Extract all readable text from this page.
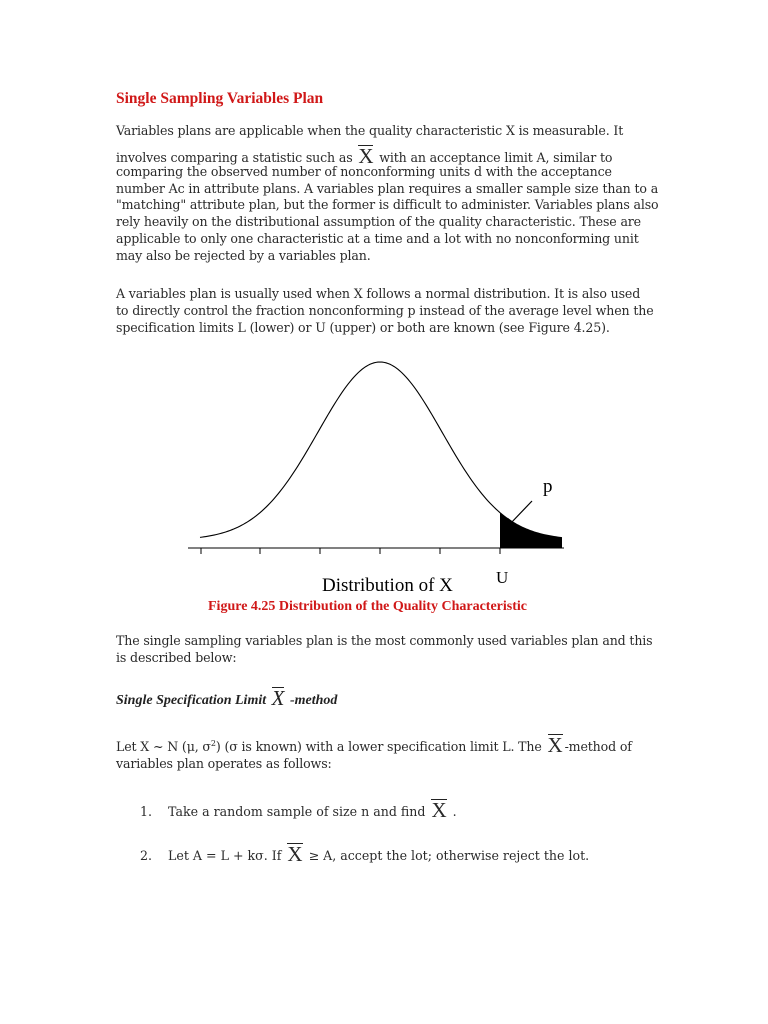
Single Sampling Variables Plan
Variables plans are applicable when the quality characteristic X is measurable. It
involves comparing a statistic such as X with an acceptance limit A, similar to
comparing the observed number of nonconforming units d with the acceptance
number Ac in attribute plans. A variables plan requires a smaller sample size than to a
"matching" attribute plan, but the former is difficult to administer. Variables plans also
rely heavily on the distributional assumption of the quality characteristic. These are
applicable to only one characteristic at a time and a lot with no nonconforming unit
may also be rejected by a variables plan.
A variables plan is usually used when X follows a normal distribution. It is also used
to directly control the fraction nonconforming p instead of the average level when the
specification limits L (lower) or U (upper) or both are known (see Figure 4.25).
p
U
Distribution of X
Figure 4.25 Distribution of the Quality Characteristic
The single sampling variables plan is the most commonly used variables plan and this
is described below:
Single Specification Limit X -method
Let X ~ N (μ, $\sigma^2$) (σ is known) with a lower specification limit L. The X -method of
variables plan operates as follows:
1. Take a random sample of size n and find X .
2. Let A = L + kσ. If X ≥ A, accept the lot; otherwise reject the lot.
